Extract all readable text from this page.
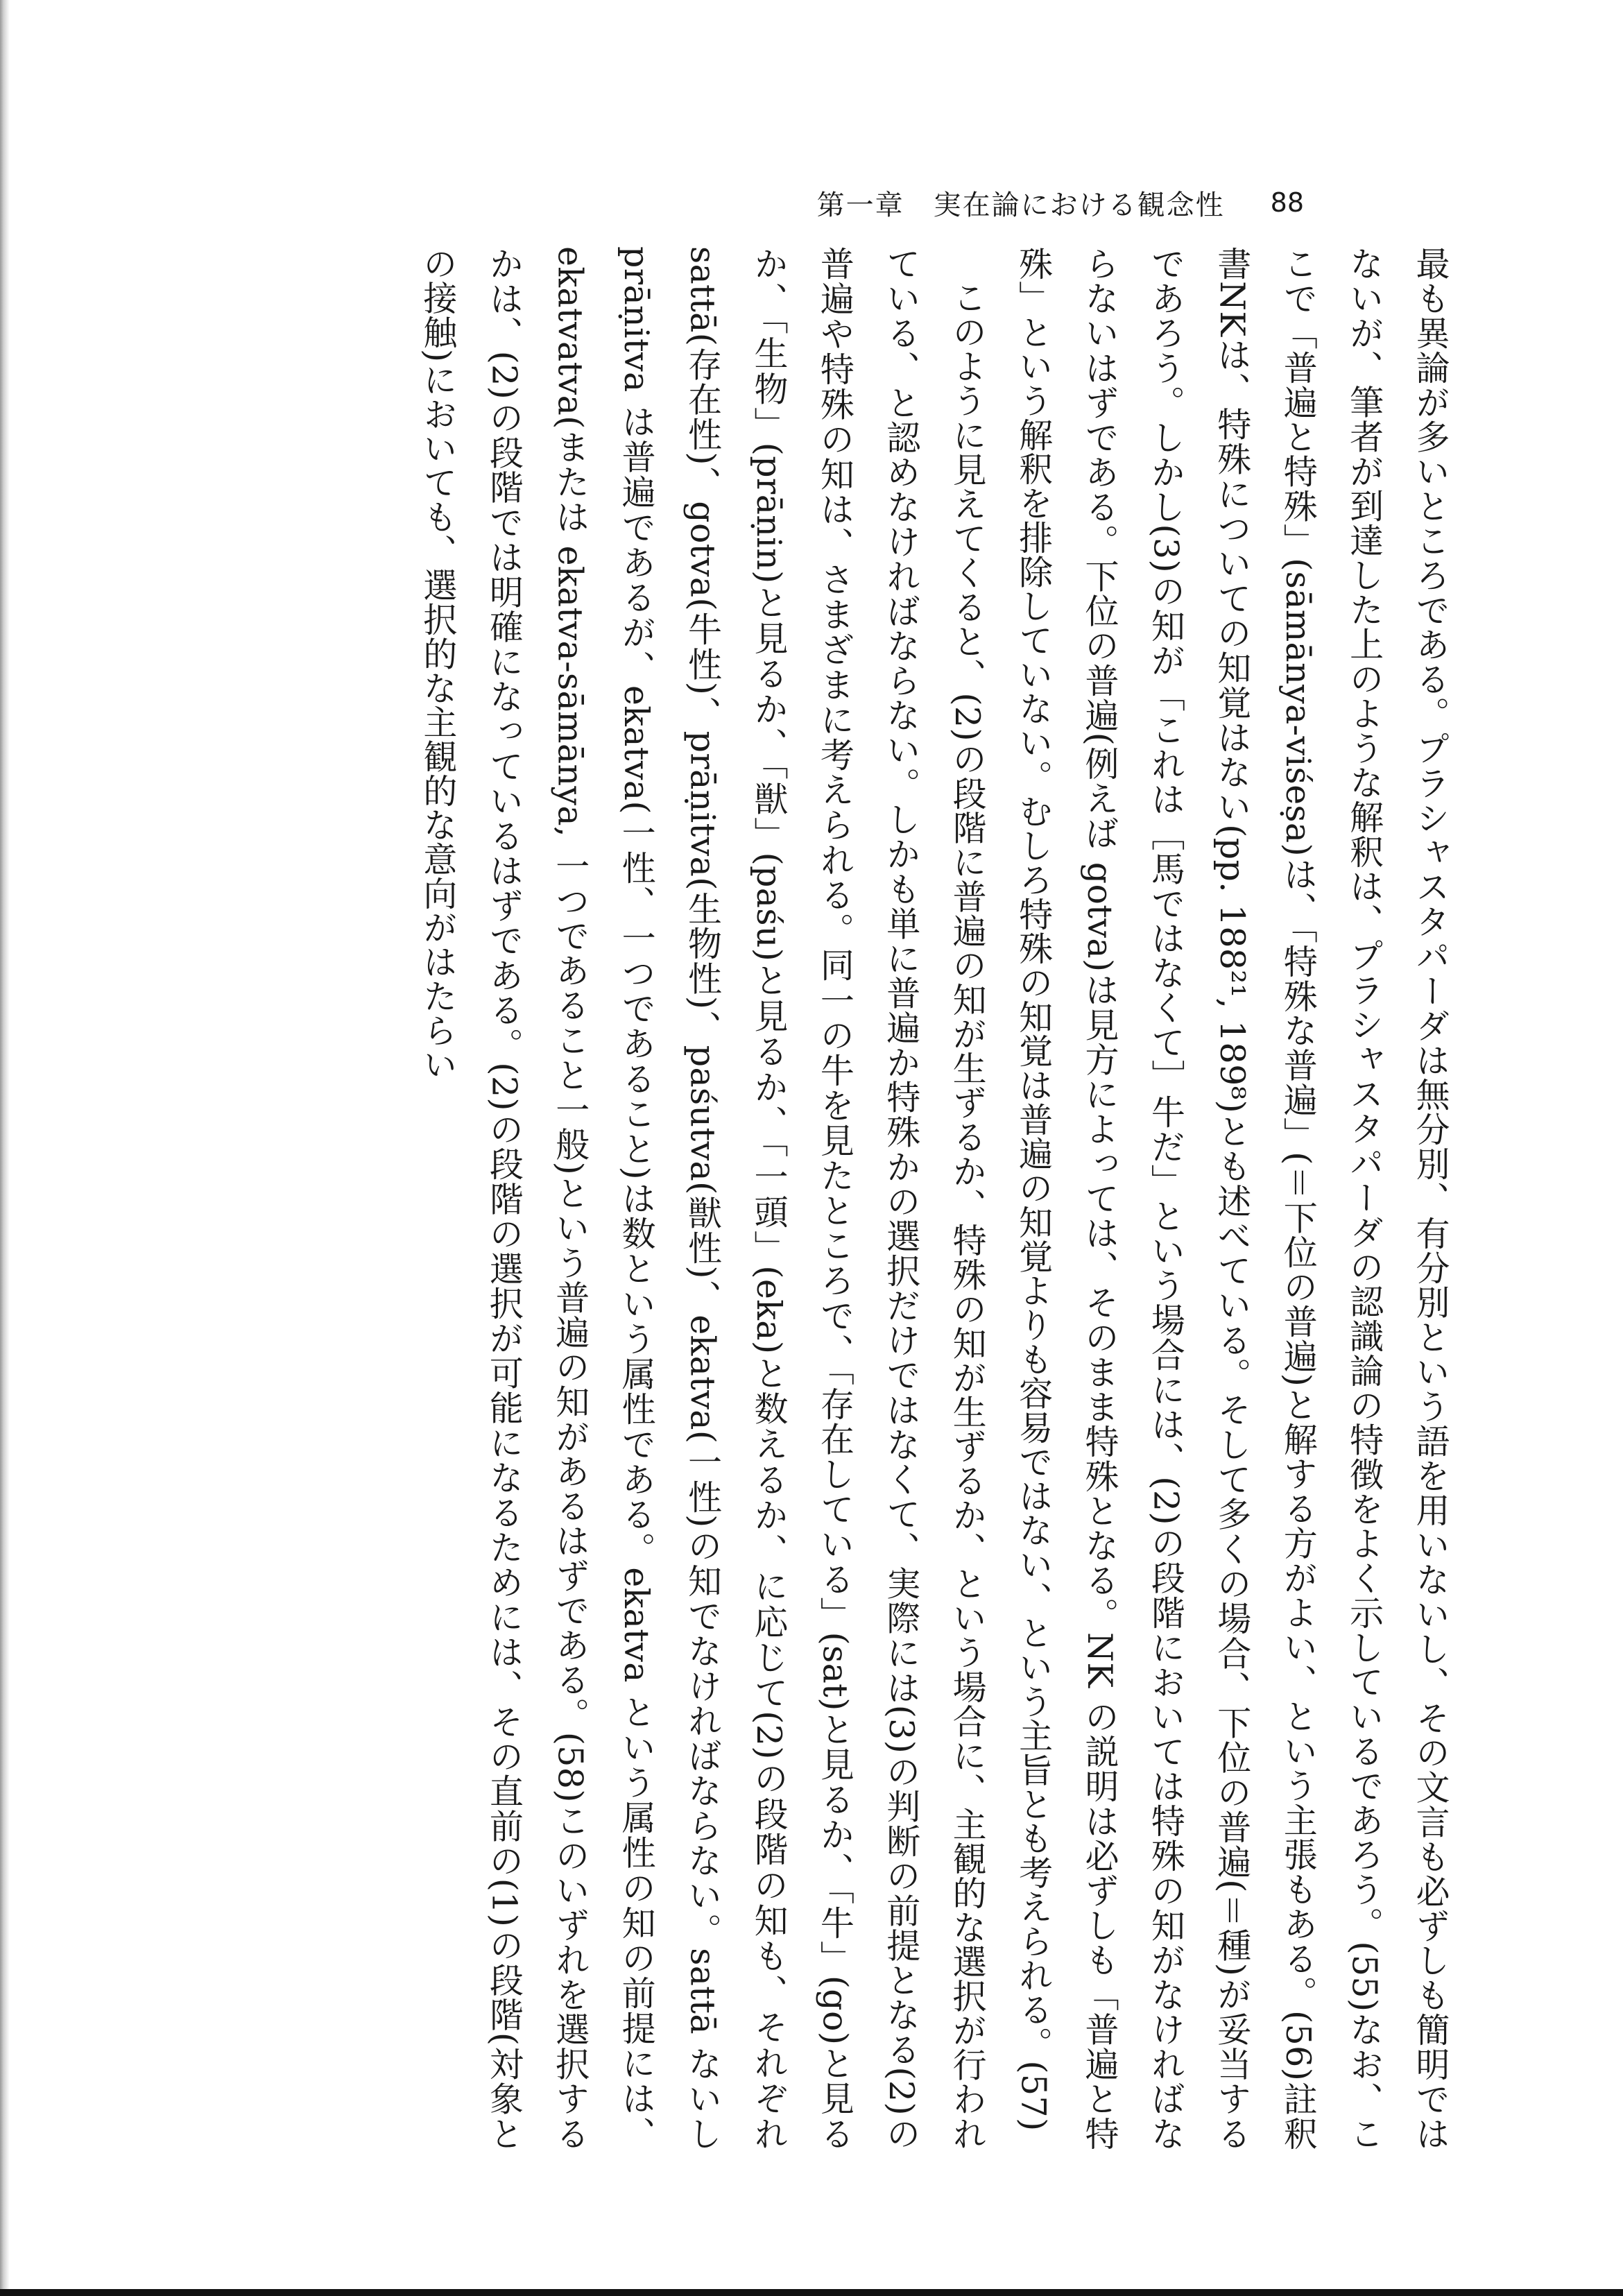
第一章　実在論における観念性 88

最も異論が多いところである。プラシャスタパーダは無分別、有分別という語を用いないし、その文言も必ずしも簡明ではないが、筆者が到達した上のような解釈は、プラシャスタパーダの認識論の特徴をよく示しているであろう。(55)なお、ここで「普遍と特殊」(sāmānya-viśeṣa)は、「特殊な普遍」(＝下位の普遍)と解する方がよい、という主張もある。(56)註釈書NKは、特殊についての知覚はない(pp. 188²¹, 189⁸)とも述べている。そして多くの場合、下位の普遍(＝種)が妥当するであろう。しかし(3)の知が「これは［馬ではなくて］牛だ」という場合には、(2)の段階においては特殊の知がなければならないはずである。下位の普遍(例えば gotva)は見方によっては、そのまま特殊となる。NK の説明は必ずしも「普遍と特殊」という解釈を排除していない。むしろ特殊の知覚は普遍の知覚よりも容易ではない、という主旨とも考えられる。(57)

このように見えてくると、(2)の段階に普遍の知が生ずるか、特殊の知が生ずるか、という場合に、主観的な選択が行われている、と認めなければならない。しかも単に普遍か特殊かの選択だけではなくて、実際には(3)の判断の前提となる(2)の普遍や特殊の知は、さまざまに考えられる。同一の牛を見たところで、「存在している」(sat)と見るか、「牛」(go)と見るか、「生物」(prāṇin)と見るか、「獣」(paśu)と見るか、「一頭」(eka)と数えるか、に応じて(2)の段階の知も、それぞれ sattā(存在性)、gotva(牛性)、prāṇitva(生物性)、paśutva(獣性)、ekatva(一性)の知でなければならない。sattā ないし prāṇitva は普遍であるが、ekatva(一性、一つであること)は数という属性である。ekatva という属性の知の前提には、ekatvatva(または ekatva-sāmānya, 一つであること一般)という普遍の知があるはずである。(58)このいずれを選択するかは、(2)の段階では明確になっているはずである。(2)の段階の選択が可能になるためには、その直前の(1)の段階(対象との接触)においても、選択的な主観的な意向がはたらい
